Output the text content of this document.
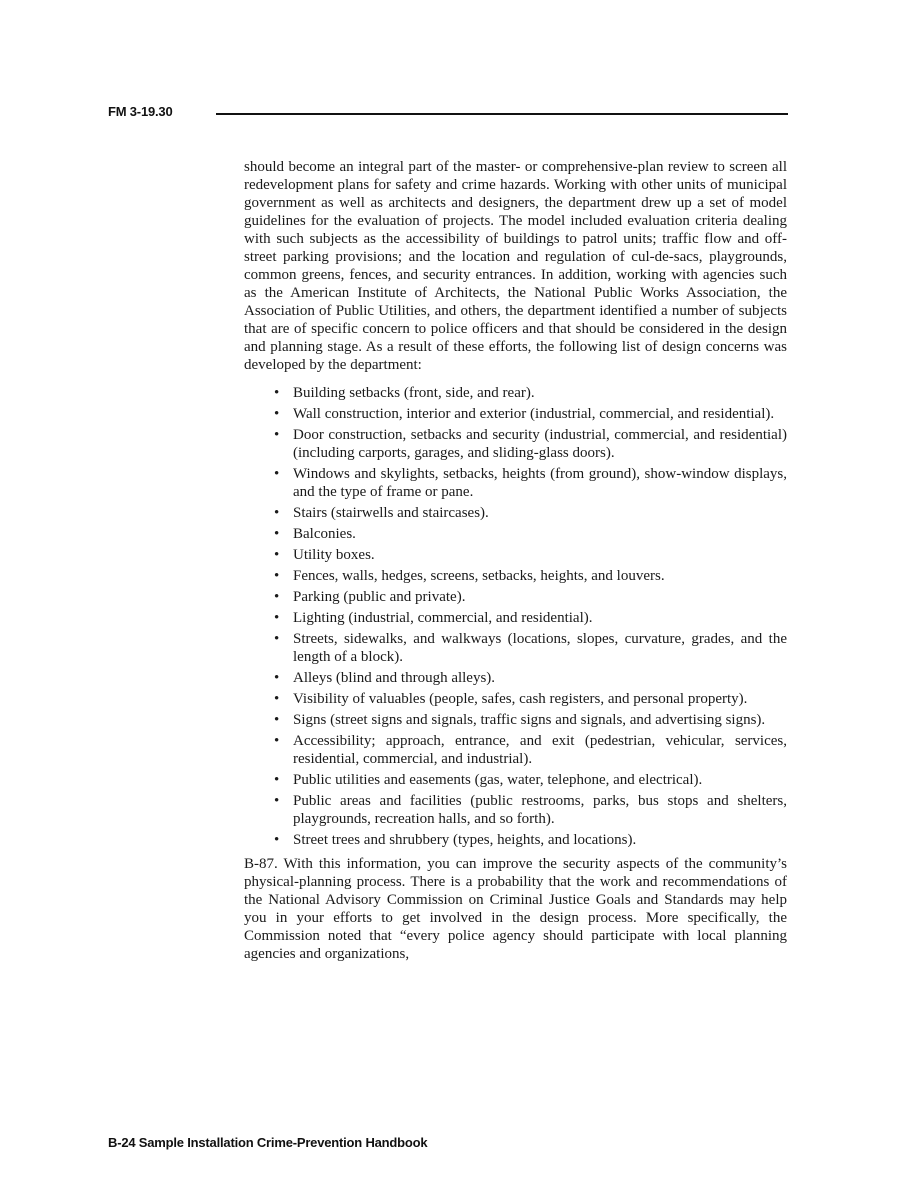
FM 3-19.30

should become an integral part of the master- or comprehensive-plan review to screen all redevelopment plans for safety and crime hazards. Working with other units of municipal government as well as architects and designers, the department drew up a set of model guidelines for the evaluation of projects. The model included evaluation criteria dealing with such subjects as the accessibility of buildings to patrol units; traffic flow and off-street parking provisions; and the location and regulation of cul-de-sacs, playgrounds, common greens, fences, and security entrances. In addition, working with agencies such as the American Institute of Architects, the National Public Works Association, the Association of Public Utilities, and others, the department identified a number of subjects that are of specific concern to police officers and that should be considered in the design and planning stage. As a result of these efforts, the following list of design concerns was developed by the department:

• Building setbacks (front, side, and rear).
• Wall construction, interior and exterior (industrial, commercial, and residential).
• Door construction, setbacks and security (industrial, commercial, and residential) (including carports, garages, and sliding-glass doors).
• Windows and skylights, setbacks, heights (from ground), show-window displays, and the type of frame or pane.
• Stairs (stairwells and staircases).
• Balconies.
• Utility boxes.
• Fences, walls, hedges, screens, setbacks, heights, and louvers.
• Parking (public and private).
• Lighting (industrial, commercial, and residential).
• Streets, sidewalks, and walkways (locations, slopes, curvature, grades, and the length of a block).
• Alleys (blind and through alleys).
• Visibility of valuables (people, safes, cash registers, and personal property).
• Signs (street signs and signals, traffic signs and signals, and advertising signs).
• Accessibility; approach, entrance, and exit (pedestrian, vehicular, services, residential, commercial, and industrial).
• Public utilities and easements (gas, water, telephone, and electrical).
• Public areas and facilities (public restrooms, parks, bus stops and shelters, playgrounds, recreation halls, and so forth).
• Street trees and shrubbery (types, heights, and locations).

B-87. With this information, you can improve the security aspects of the community’s physical-planning process. There is a probability that the work and recommendations of the National Advisory Commission on Criminal Justice Goals and Standards may help you in your efforts to get involved in the design process. More specifically, the Commission noted that “every police agency should participate with local planning agencies and organizations,

B-24 Sample Installation Crime-Prevention Handbook
